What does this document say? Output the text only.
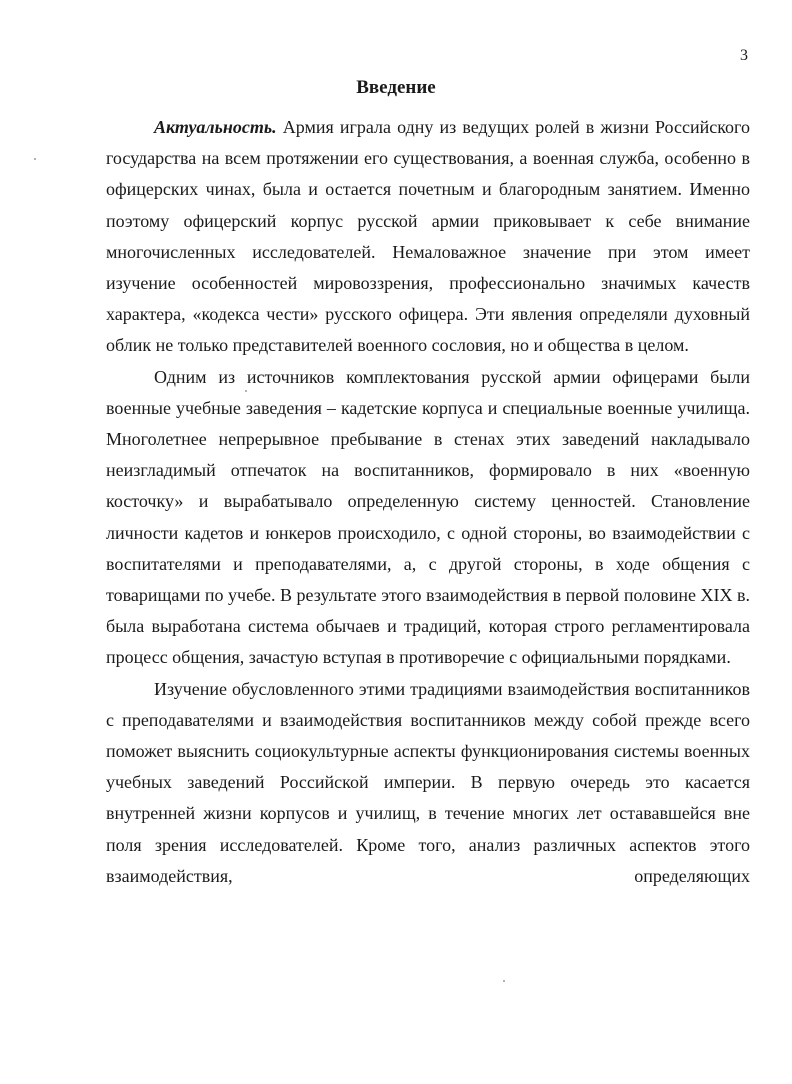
3
Введение

Актуальность. Армия играла одну из ведущих ролей в жизни Российского государства на всем протяжении его существования, а военная служба, особенно в офицерских чинах, была и остается почетным и благородным занятием. Именно поэтому офицерский корпус русской армии приковывает к себе внимание многочисленных исследователей. Немаловажное значение при этом имеет изучение особенностей мировоззрения, профессионально значимых качеств характера, «кодекса чести» русского офицера. Эти явления определяли духовный облик не только представителей военного сословия, но и общества в целом.

Одним из источников комплектования русской армии офицерами были военные учебные заведения – кадетские корпуса и специальные военные училища. Многолетнее непрерывное пребывание в стенах этих заведений накладывало неизгладимый отпечаток на воспитанников, формировало в них «военную косточку» и вырабатывало определенную систему ценностей. Становление личности кадетов и юнкеров происходило, с одной стороны, во взаимодействии с воспитателями и преподавателями, а, с другой стороны, в ходе общения с товарищами по учебе. В результате этого взаимодействия в первой половине XIX в. была выработана система обычаев и традиций, которая строго регламентировала процесс общения, зачастую вступая в противоречие с официальными порядками.

Изучение обусловленного этими традициями взаимодействия воспитанников с преподавателями и взаимодействия воспитанников между собой прежде всего поможет выяснить социокультурные аспекты функционирования системы военных учебных заведений Российской империи. В первую очередь это касается внутренней жизни корпусов и училищ, в течение многих лет остававшейся вне поля зрения исследователей. Кроме того, анализ различных аспектов этого взаимодействия, определяющих
